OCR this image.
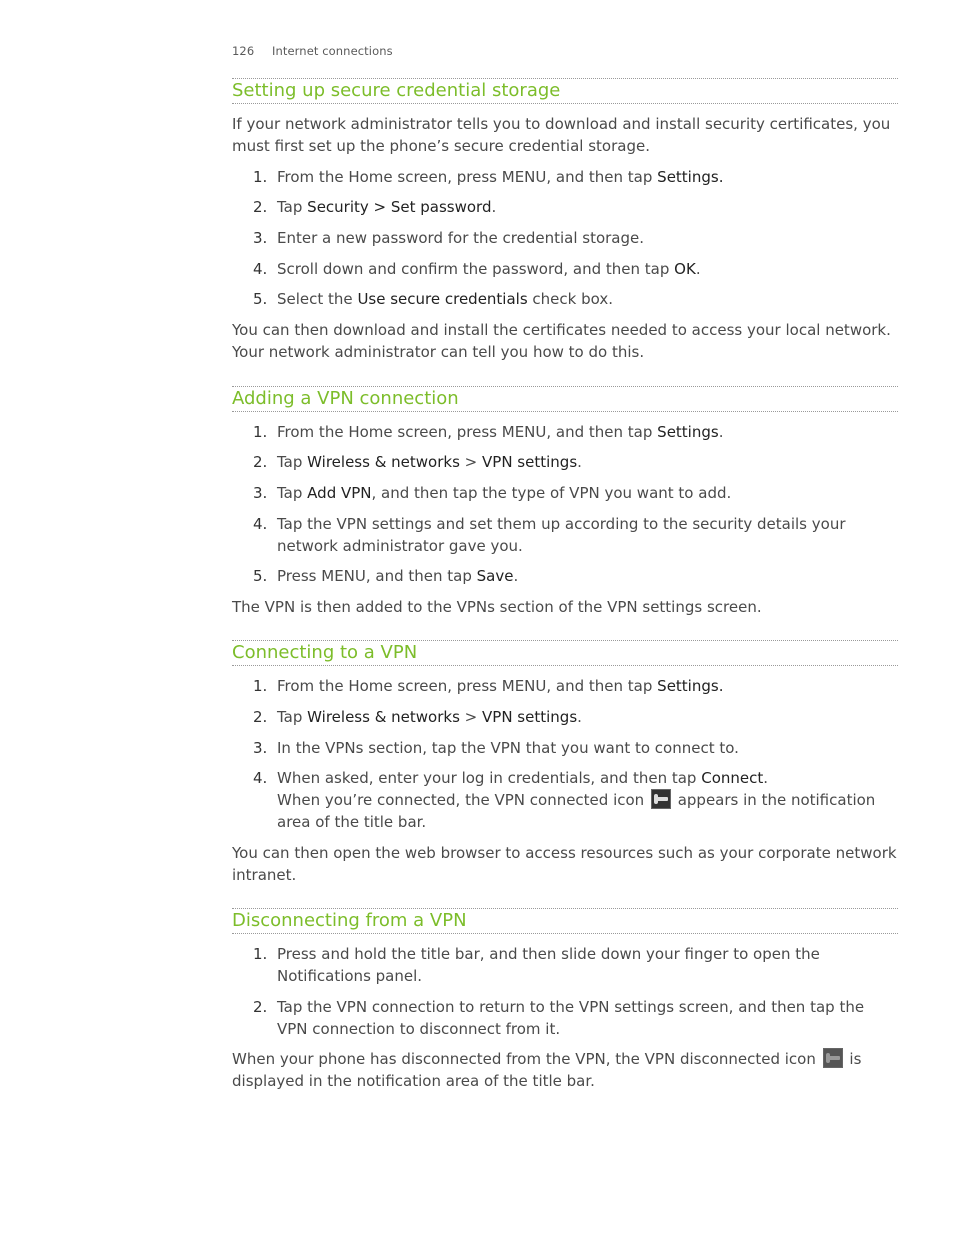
126 Internet connections
Setting up secure credential storage

If your network administrator tells you to download and install security certificates, you must first set up the phone’s secure credential storage.

1. From the Home screen, press MENU, and then tap Settings.
2. Tap Security > Set password.
3. Enter a new password for the credential storage.
4. Scroll down and confirm the password, and then tap OK.
5. Select the Use secure credentials check box.

You can then download and install the certificates needed to access your local network. Your network administrator can tell you how to do this.

Adding a VPN connection
1. From the Home screen, press MENU, and then tap Settings.
2. Tap Wireless & networks > VPN settings.
3. Tap Add VPN, and then tap the type of VPN you want to add.
4. Tap the VPN settings and set them up according to the security details your network administrator gave you.
5. Press MENU, and then tap Save.

The VPN is then added to the VPNs section of the VPN settings screen.

Connecting to a VPN
1. From the Home screen, press MENU, and then tap Settings.
2. Tap Wireless & networks > VPN settings.
3. In the VPNs section, tap the VPN that you want to connect to.
4. When asked, enter your log in credentials, and then tap Connect.
When you’re connected, the VPN connected icon
appears in the notification area of the title bar.

You can then open the web browser to access resources such as your corporate network intranet.

Disconnecting from a VPN
1. Press and hold the title bar, and then slide down your finger to open the Notifications panel.
2. Tap the VPN connection to return to the VPN settings screen, and then tap the VPN connection to disconnect from it.

When your phone has disconnected from the VPN, the VPN disconnected icon
is displayed in the notification area of the title bar.
